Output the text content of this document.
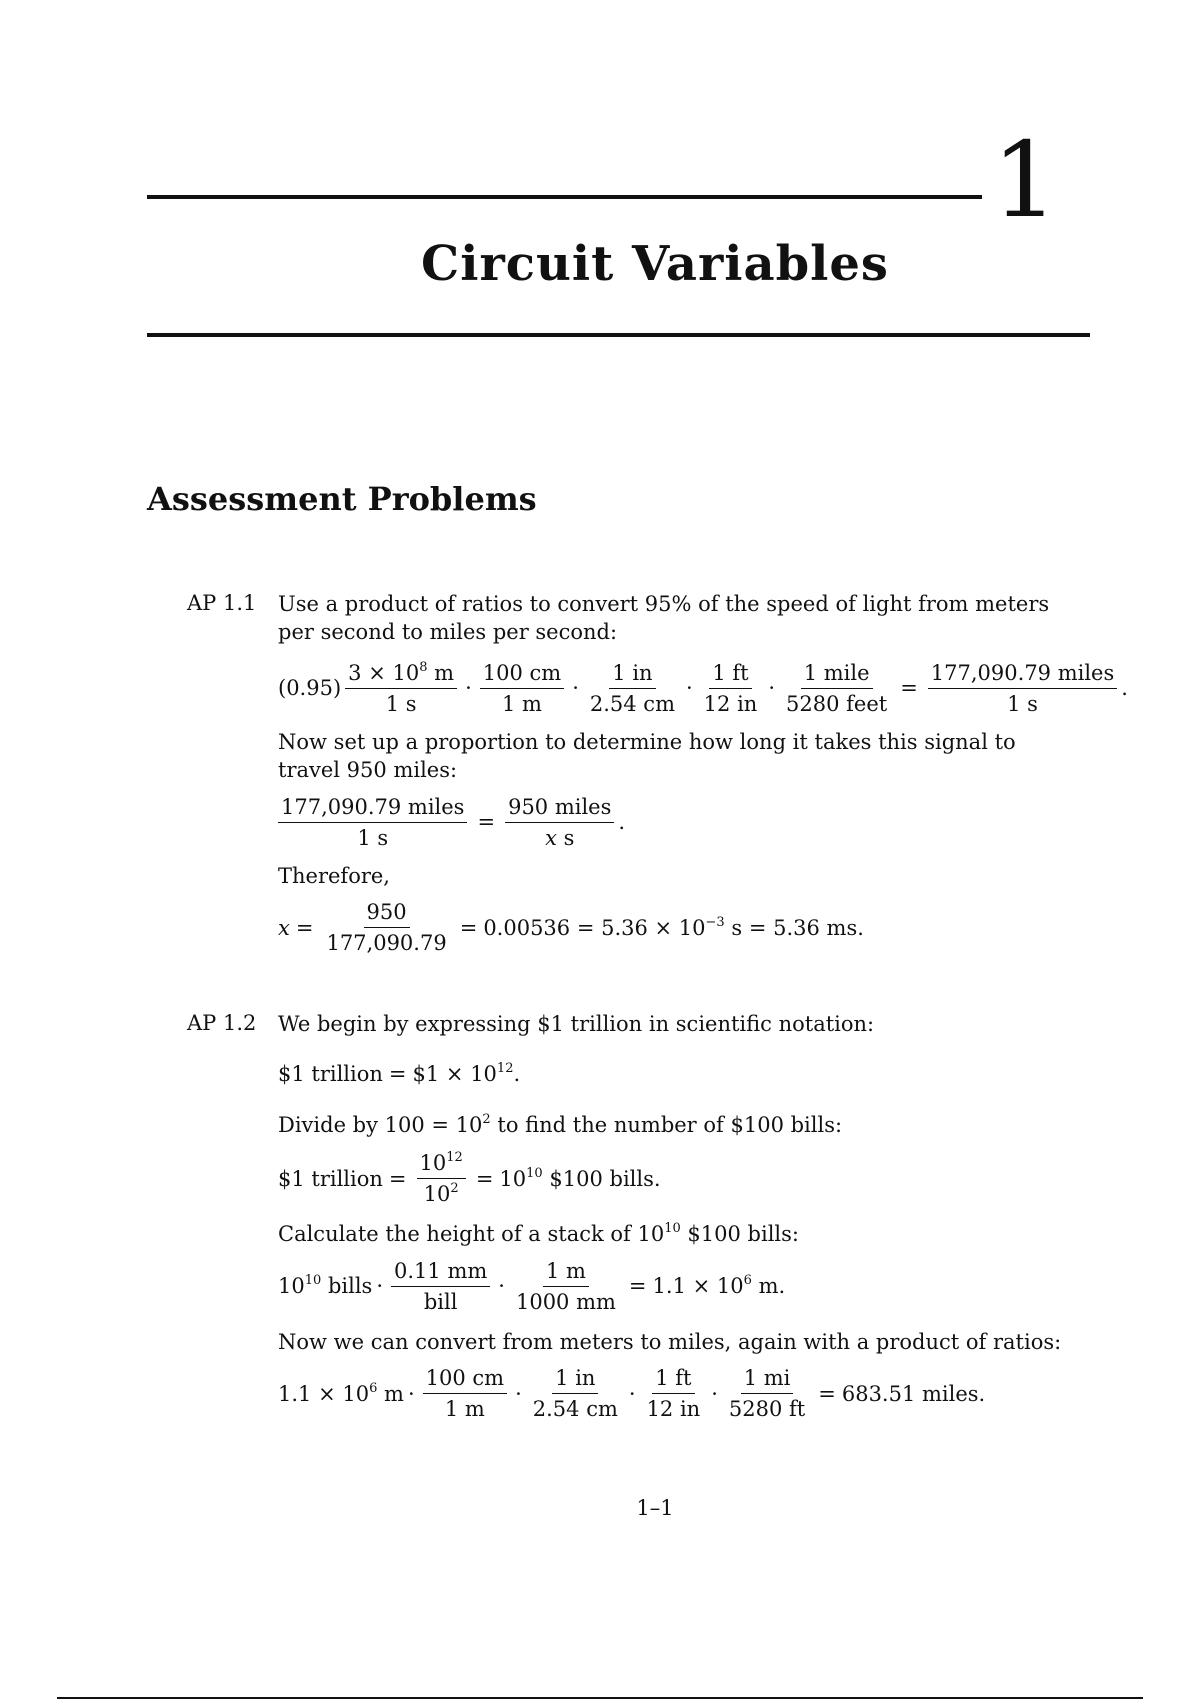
1
Circuit Variables
Assessment Problems
AP 1.1 Use a product of ratios to convert 95% of the speed of light from meters per second to miles per second:
$(0.95) \frac{3 \times 10^8 m}{1 s} \cdot \frac{100 cm}{1 m} \cdot \frac{1 in}{2.54 cm} \cdot \frac{1 ft}{12 in} \cdot \frac{\text{1 mile}}{\text{5280 feet}} = \frac{\text{177,090.79 miles}}{1 s}$ .
Now set up a proportion to determine how long it takes this signal to travel 950 miles:
$\frac{\text{177,090.79 miles}}{1 s} = \frac{\text{950 miles}}{\text{x s}}$ .
Therefore,
$x = \frac{950}{177,090.79} = 0.00536 = 5.36 \times 10^{-3}$ s = 5.36 ms.
AP 1.2 We begin by expressing $1 trillion in scientific notation:
$1 trillion = $1 × $10^{12}$.
Divide by $100 = 10^2$ to find the number of $100 bills:
$1 trillion = $\frac{10^{12}}{10^2} = 10^{10}$ $100 bills.
Calculate the height of a stack of $10^{10}$ $100 bills:
$10^{10}$ bills · $\frac{0.11 mm}{\text{bill}} \cdot \frac{1 m}{1000 mm} = 1.1 \times 10^6$ m.
Now we can convert from meters to miles, again with a product of ratios:
$1.1 \times 10^6$ $m \cdot \frac{100 cm}{1 m} \cdot \frac{1 in}{2.54 cm} \cdot \frac{1 ft}{12 in} \cdot \frac{1 mi}{5280 ft} = 683.51$ miles.
1–1
